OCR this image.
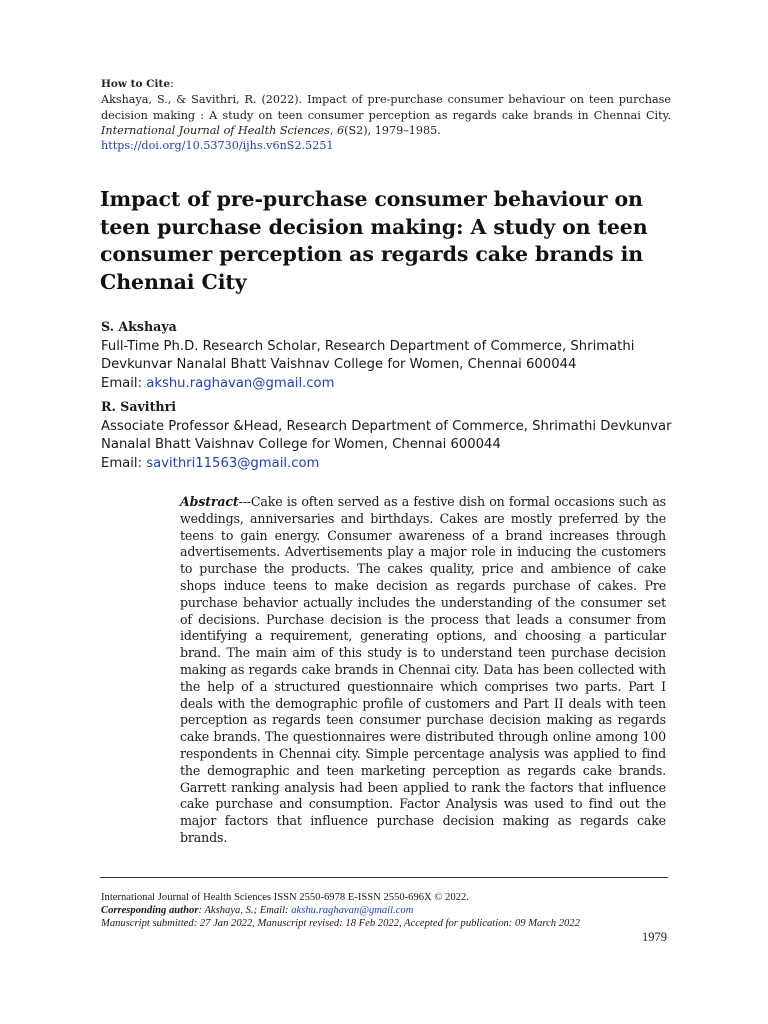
How to Cite:
Akshaya, S., & Savithri, R. (2022). Impact of pre-purchase consumer behaviour on teen purchase decision making : A study on teen consumer perception as regards cake brands in Chennai City. International Journal of Health Sciences, 6(S2), 1979–1985.
https://doi.org/10.53730/ijhs.v6nS2.5251
Impact of pre-purchase consumer behaviour on teen purchase decision making: A study on teen consumer perception as regards cake brands in Chennai City
S. Akshaya
Full-Time Ph.D. Research Scholar, Research Department of Commerce, Shrimathi Devkunvar Nanalal Bhatt Vaishnav College for Women, Chennai 600044
Email: akshu.raghavan@gmail.com
R. Savithri
Associate Professor &Head, Research Department of Commerce, Shrimathi Devkunvar Nanalal Bhatt Vaishnav College for Women, Chennai 600044
Email: savithri11563@gmail.com
Abstract---Cake is often served as a festive dish on formal occasions such as weddings, anniversaries and birthdays. Cakes are mostly preferred by the teens to gain energy. Consumer awareness of a brand increases through advertisements. Advertisements play a major role in inducing the customers to purchase the products. The cakes quality, price and ambience of cake shops induce teens to make decision as regards purchase of cakes. Pre purchase behavior actually includes the understanding of the consumer set of decisions. Purchase decision is the process that leads a consumer from identifying a requirement, generating options, and choosing a particular brand. The main aim of this study is to understand teen purchase decision making as regards cake brands in Chennai city. Data has been collected with the help of a structured questionnaire which comprises two parts. Part I deals with the demographic profile of customers and Part II deals with teen perception as regards teen consumer purchase decision making as regards cake brands. The questionnaires were distributed through online among 100 respondents in Chennai city. Simple percentage analysis was applied to find the demographic and teen marketing perception as regards cake brands. Garrett ranking analysis had been applied to rank the factors that influence cake purchase and consumption. Factor Analysis was used to find out the major factors that influence purchase decision making as regards cake brands.
International Journal of Health Sciences ISSN 2550-6978 E-ISSN 2550-696X © 2022.
Corresponding author: Akshaya, S.; Email: akshu.raghavan@gmail.com
Manuscript submitted: 27 Jan 2022, Manuscript revised: 18 Feb 2022, Accepted for publication: 09 March 2022
1979
